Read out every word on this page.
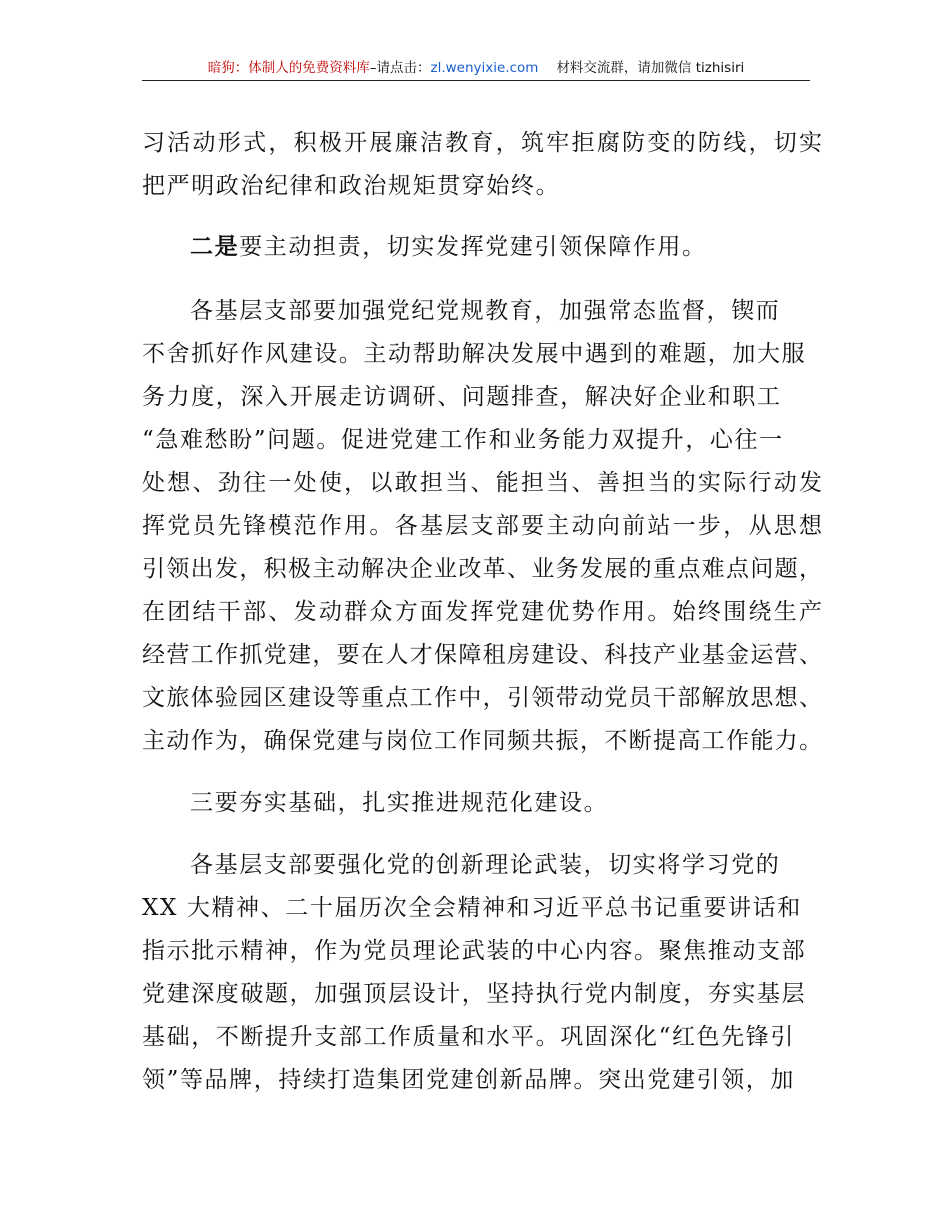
暗狗：体制人的免费资料库–请点击：zl.wenyixie.com 材料交流群，请加微信 tizhisiri
习活动形式，积极开展廉洁教育，筑牢拒腐防变的防线，切实
把严明政治纪律和政治规矩贯穿始终。
二是要主动担责，切实发挥党建引领保障作用。
各基层支部要加强党纪党规教育，加强常态监督，锲而
不舍抓好作风建设。主动帮助解决发展中遇到的难题，加大服
务力度，深入开展走访调研、问题排查，解决好企业和职工
“急难愁盼”问题。促进党建工作和业务能力双提升，心往一
处想、劲往一处使，以敢担当、能担当、善担当的实际行动发
挥党员先锋模范作用。各基层支部要主动向前站一步，从思想
引领出发，积极主动解决企业改革、业务发展的重点难点问题，
在团结干部、发动群众方面发挥党建优势作用。始终围绕生产
经营工作抓党建，要在人才保障租房建设、科技产业基金运营、
文旅体验园区建设等重点工作中，引领带动党员干部解放思想、
主动作为，确保党建与岗位工作同频共振，不断提高工作能力。
三要夯实基础，扎实推进规范化建设。
各基层支部要强化党的创新理论武装，切实将学习党的
XX 大精神、二十届历次全会精神和习近平总书记重要讲话和
指示批示精神，作为党员理论武装的中心内容。聚焦推动支部
党建深度破题，加强顶层设计，坚持执行党内制度，夯实基层
基础，不断提升支部工作质量和水平。巩固深化“红色先锋引
领”等品牌，持续打造集团党建创新品牌。突出党建引领，加
